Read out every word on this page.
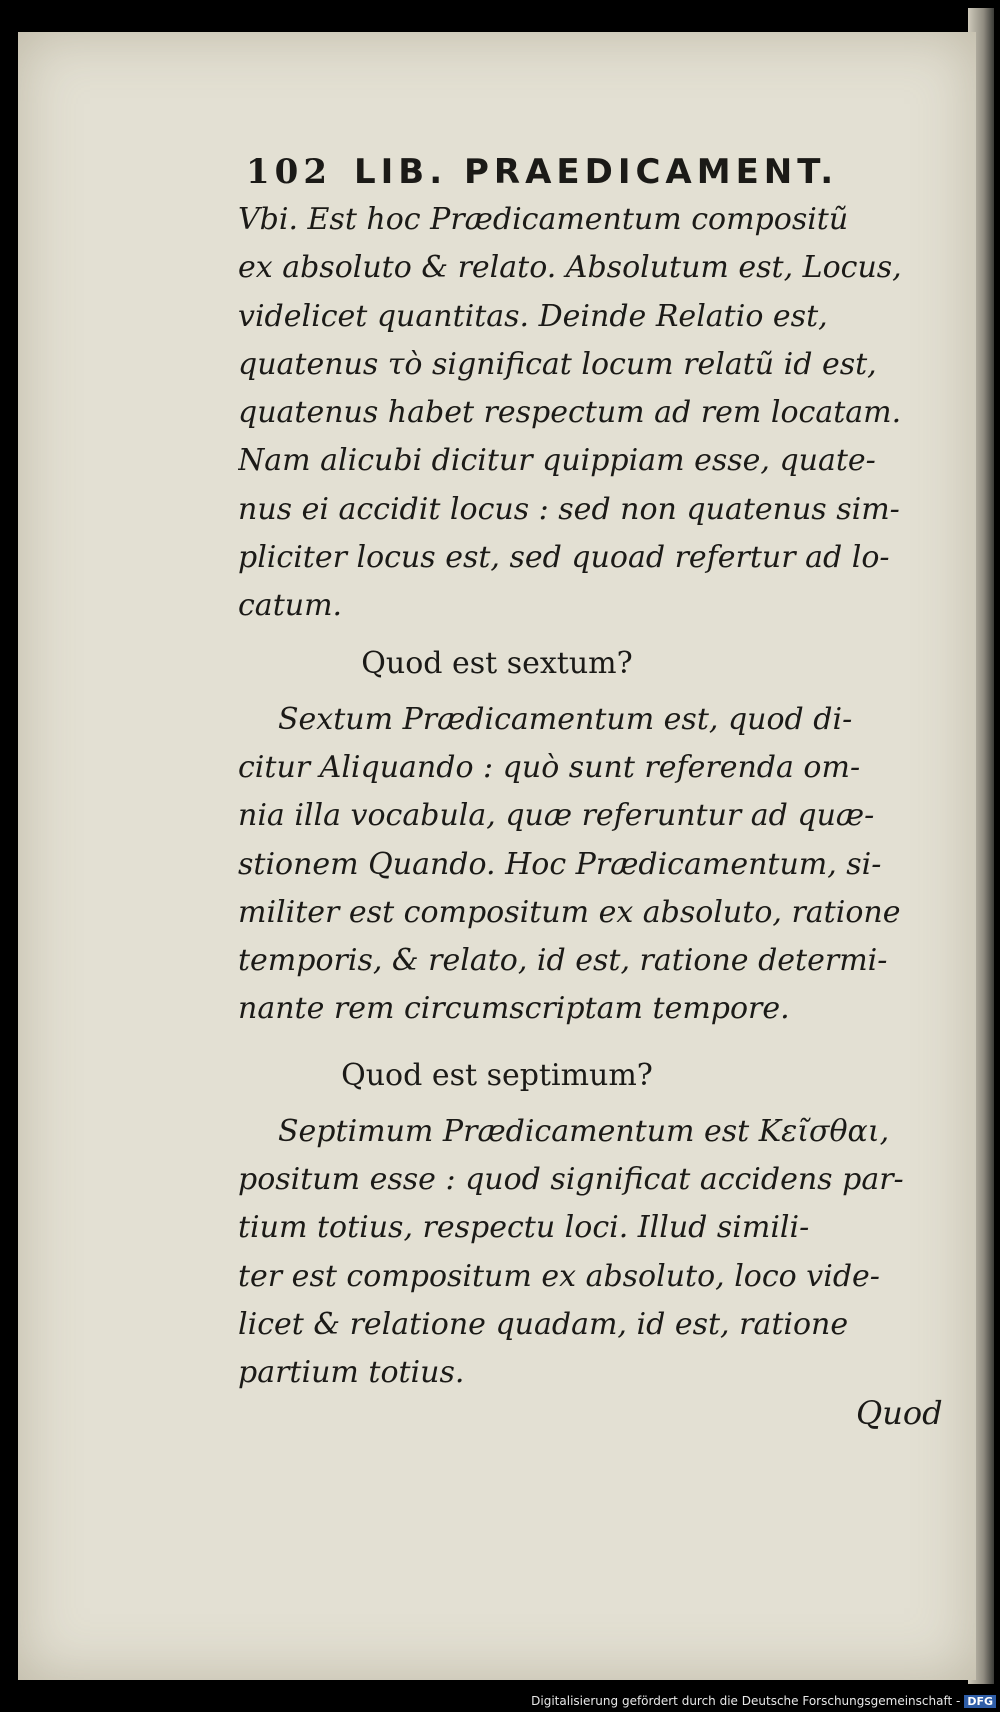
102 LIB. PRAEDICAMENT.
Vbi. Est hoc Prædicamentum compositũ
ex absoluto & relato. Absolutum est, Locus,
videlicet quantitas. Deinde Relatio est,
quatenus τὸ significat locum relatũ id est,
quatenus habet respectum ad rem locatam.
Nam alicubi dicitur quippiam esse, quate-
nus ei accidit locus : sed non quatenus sim-
pliciter locus est, sed quoad refertur ad lo-
catum.
Quod est sextum?
Sextum Prædicamentum est, quod di-
citur Aliquando : quò sunt referenda om-
nia illa vocabula, quæ referuntur ad quæ-
stionem Quando. Hoc Prædicamentum, si-
militer est compositum ex absoluto, ratione
temporis, & relato, id est, ratione determi-
nante rem circumscriptam tempore.
Quod est septimum?
Septimum Prædicamentum est Κεῖσθαι,
positum esse : quod significat accidens par-
tium totius, respectu loci. Illud simili-
ter est compositum ex absoluto, loco vide-
licet & relatione quadam, id est, ratione
partium totius.
Quod
Digitalisierung gefördert durch die Deutsche Forschungsgemeinschaft - DFG
